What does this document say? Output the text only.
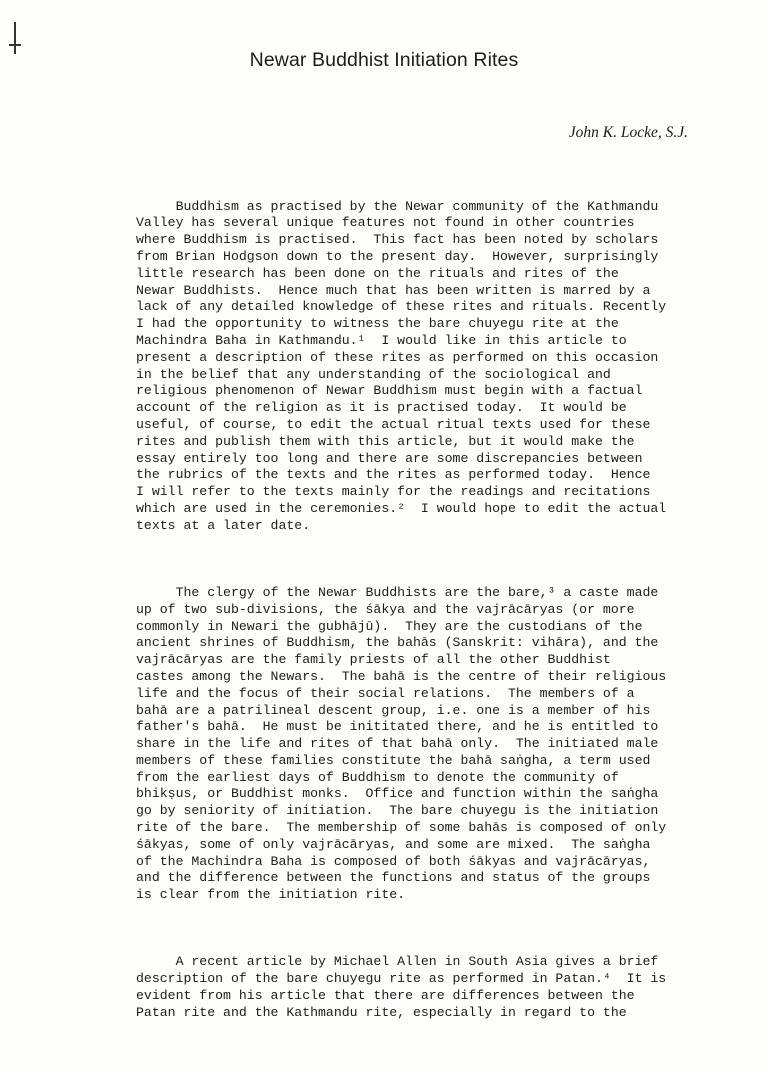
Newar Buddhist Initiation Rites
John K. Locke, S.J.

Buddhism as practised by the Newar community of the Kathmandu
Valley has several unique features not found in other countries
where Buddhism is practised.  This fact has been noted by scholars
from Brian Hodgson down to the present day.  However, surprisingly
little research has been done on the rituals and rites of the
Newar Buddhists.  Hence much that has been written is marred by a
lack of any detailed knowledge of these rites and rituals. Recently
I had the opportunity to witness the bare chuyegu rite at the
Machindra Baha in Kathmandu.¹  I would like in this article to
present a description of these rites as performed on this occasion
in the belief that any understanding of the sociological and
religious phenomenon of Newar Buddhism must begin with a factual
account of the religion as it is practised today.  It would be
useful, of course, to edit the actual ritual texts used for these
rites and publish them with this article, but it would make the
essay entirely too long and there are some discrepancies between
the rubrics of the texts and the rites as performed today.  Hence
I will refer to the texts mainly for the readings and recitations
which are used in the ceremonies.²  I would hope to edit the actual
texts at a later date.

The clergy of the Newar Buddhists are the bare,³ a caste made
up of two sub-divisions, the śākya and the vajrācāryas (or more
commonly in Newari the gubhājū).  They are the custodians of the
ancient shrines of Buddhism, the bahās (Sanskrit: vihāra), and the
vajrācāryas are the family priests of all the other Buddhist
castes among the Newars.  The bahā is the centre of their religious
life and the focus of their social relations.  The members of a
bahā are a patrilineal descent group, i.e. one is a member of his
father's bahā.  He must be inititated there, and he is entitled to
share in the life and rites of that bahā only.  The initiated male
members of these families constitute the bahā saṅgha, a term used
from the earliest days of Buddhism to denote the community of
bhikṣus, or Buddhist monks.  Office and function within the saṅgha
go by seniority of initiation.  The bare chuyegu is the initiation
rite of the bare.  The membership of some bahās is composed of only
śākyas, some of only vajrācāryas, and some are mixed.  The saṅgha
of the Machindra Baha is composed of both śākyas and vajrācāryas,
and the difference between the functions and status of the groups
is clear from the initiation rite.

A recent article by Michael Allen in South Asia gives a brief
description of the bare chuyegu rite as performed in Patan.⁴  It is
evident from his article that there are differences between the
Patan rite and the Kathmandu rite, especially in regard to the
